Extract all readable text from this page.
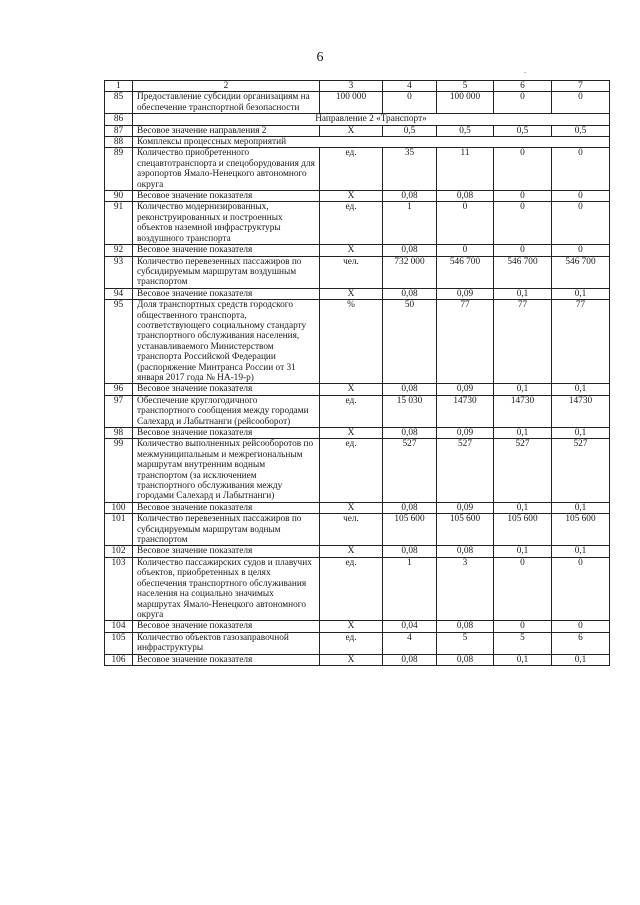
6
.
1	2	3	4	5	6	7
85	Предоставление субсидии организациям на обеспечение транспортной безопасности	100 000	0	100 000	0	0
86	Направление 2 «Транспорт»					
87	Весовое значение направления 2	Х	0,5	0,5	0,5	0,5
88	Комплексы процессных мероприятий					
89	Количество приобретенного спецавтотранспорта и спецоборудования для аэропортов Ямало-Ненецкого автономного округа	ед.	35	11	0	0
90	Весовое значение показателя	Х	0,08	0,08	0	0
91	Количество модернизированных, реконструированных и построенных объектов наземной инфраструктуры воздушного транспорта	ед.	1	0	0	0
92	Весовое значение показателя	Х	0,08	0	0	0
93	Количество перевезенных пассажиров по субсидируемым маршрутам воздушным транспортом	чел.	732 000	546 700	546 700	546 700
94	Весовое значение показателя	Х	0,08	0,09	0,1	0,1
95	Доля транспортных средств городского общественного транспорта, соответствующего социальному стандарту транспортного обслуживания населения, устанавливаемого Министерством транспорта Российской Федерации (распоряжение Минтранса России от 31 января 2017 года № НА-19-р)	%	50	77	77	77
96	Весовое значение показателя	Х	0,08	0,09	0,1	0,1
97	Обеспечение круглогодичного транспортного сообщения между городами Салехард и Лабытнанги (рейсооборот)	ед.	15 030	14730	14730	14730
98	Весовое значение показателя	Х	0,08	0,09	0,1	0,1
99	Количество выполненных рейсооборотов по межмуниципальным и межрегиональным маршрутам внутренним водным транспортом (за исключением транспортного обслуживания между городами Салехард и Лабытнанги)	ед.	527	527	527	527
100	Весовое значение показателя	Х	0,08	0,09	0,1	0,1
101	Количество перевезенных пассажиров по субсидируемым маршрутам водным транспортом	чел.	105 600	105 600	105 600	105 600
102	Весовое значение показателя	Х	0,08	0,08	0,1	0,1
103	Количество пассажирских судов и плавучих объектов, приобретенных в целях обеспечения транспортного обслуживания населения на социально значимых маршрутах Ямало-Ненецкого автономного округа	ед.	1	3	0	0
104	Весовое значение показателя	Х	0,04	0,08	0	0
105	Количество объектов газозаправочной инфраструктуры	ед.	4	5	5	6
106	Весовое значение показателя	Х	0,08	0,08	0,1	0,1
